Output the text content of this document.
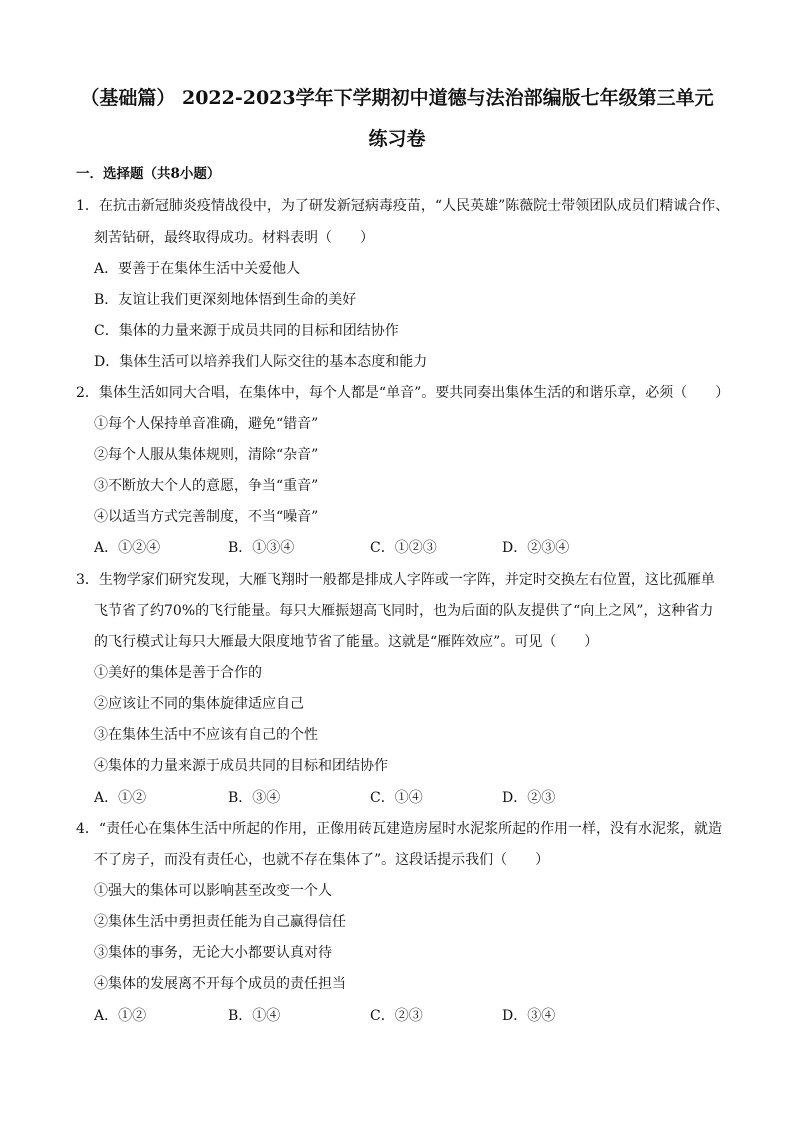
（基础篇） 2022-2023学年下学期初中道德与法治部编版七年级第三单元
练习卷
一．选择题（共8小题）
1．在抗击新冠肺炎疫情战役中，为了研发新冠病毒疫苗，“人民英雄”陈薇院士带领团队成员们精诚合作、
刻苦钻研，最终取得成功。材料表明（　　）
A．要善于在集体生活中关爱他人
B．友谊让我们更深刻地体悟到生命的美好
C．集体的力量来源于成员共同的目标和团结协作
D．集体生活可以培养我们人际交往的基本态度和能力
2．集体生活如同大合唱，在集体中，每个人都是“单音”。要共同奏出集体生活的和谐乐章，必须（　　）
①每个人保持单音准确，避免“错音”
②每个人服从集体规则，清除“杂音”
③不断放大个人的意愿，争当“重音”
④以适当方式完善制度，不当“噪音”
A．①②④	B．①③④	C．①②③	D．②③④
3．生物学家们研究发现，大雁飞翔时一般都是排成人字阵或一字阵，并定时交换左右位置，这比孤雁单
飞节省了约70%的飞行能量。每只大雁振翅高飞同时，也为后面的队友提供了“向上之风”，这种省力
的飞行模式让每只大雁最大限度地节省了能量。这就是“雁阵效应”。可见（　　）
①美好的集体是善于合作的
②应该让不同的集体旋律适应自己
③在集体生活中不应该有自己的个性
④集体的力量来源于成员共同的目标和团结协作
A．①②	B．③④	C．①④	D．②③
4．“责任心在集体生活中所起的作用，正像用砖瓦建造房屋时水泥浆所起的作用一样，没有水泥浆，就造
不了房子，而没有责任心，也就不存在集体了”。这段话提示我们（　　）
①强大的集体可以影响甚至改变一个人
②集体生活中勇担责任能为自己赢得信任
③集体的事务，无论大小都要认真对待
④集体的发展离不开每个成员的责任担当
A．①②	B．①④	C．②③	D．③④
